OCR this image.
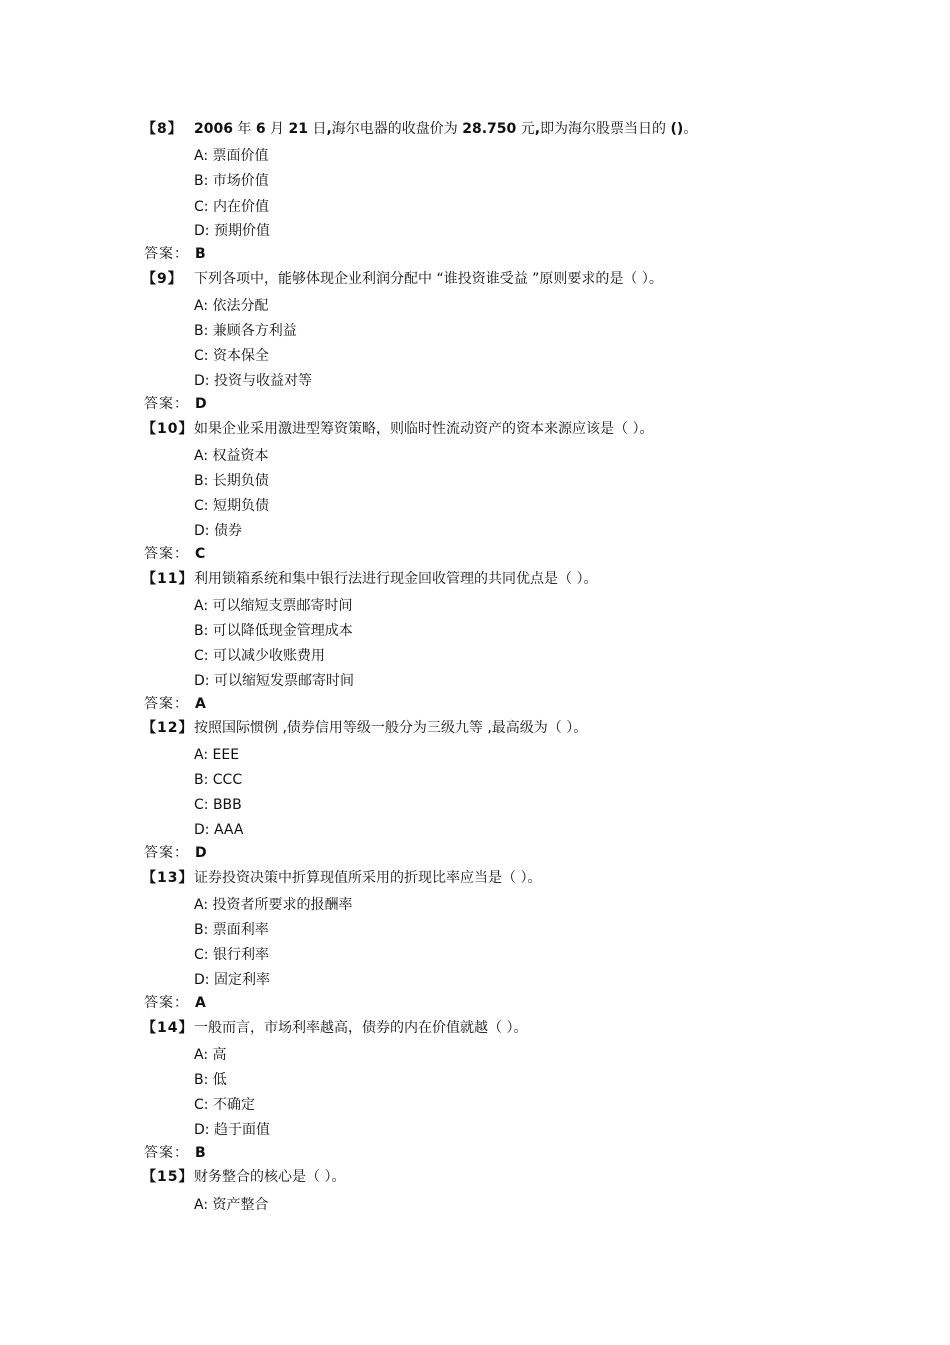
【8】 2006 年 6 月 21 日,海尔电器的收盘价为 28.750 元,即为海尔股票当日的 ()。
A: 票面价值
B: 市场价值
C: 内在价值
D: 预期价值
答案： B
【9】 下列各项中，能够体现企业利润分配中 “谁投资谁受益 ”原则要求的是（ ）。
A: 依法分配
B: 兼顾各方利益
C: 资本保全
D: 投资与收益对等
答案： D
【10】 如果企业采用激进型筹资策略，则临时性流动资产的资本来源应该是（ ）。
A: 权益资本
B: 长期负债
C: 短期负债
D: 债券
答案： C
【11】 利用锁箱系统和集中银行法进行现金回收管理的共同优点是（ ）。
A: 可以缩短支票邮寄时间
B: 可以降低现金管理成本
C: 可以减少收账费用
D: 可以缩短发票邮寄时间
答案： A
【12】 按照国际惯例 ,债券信用等级一般分为三级九等 ,最高级为（ ）。
A: EEE
B: CCC
C: BBB
D: AAA
答案： D
【13】 证券投资决策中折算现值所采用的折现比率应当是（ ）。
A: 投资者所要求的报酬率
B: 票面利率
C: 银行利率
D: 固定利率
答案： A
【14】 一般而言，市场利率越高，债券的内在价值就越（ ）。
A: 高
B: 低
C: 不确定
D: 趋于面值
答案： B
【15】 财务整合的核心是（ ）。
A: 资产整合
